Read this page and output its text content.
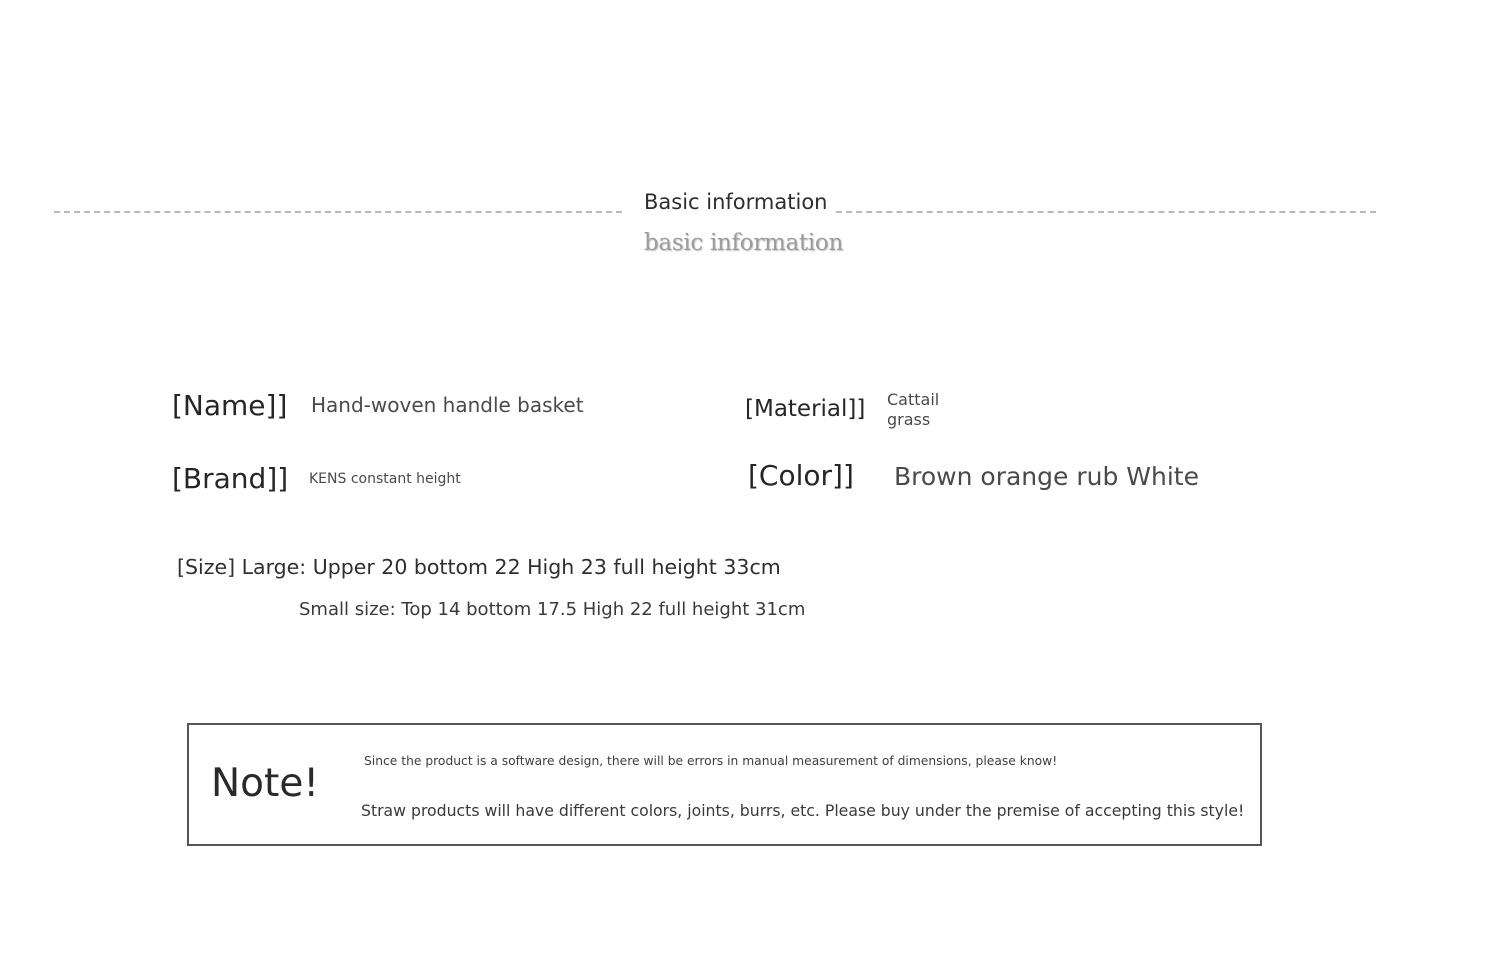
Basic information
basic information
[Name]] Hand-woven handle basket	[Material]] Cattail
grass
[Brand]] KENS constant height	[Color]] Brown orange rub White
[Size] Large: Upper 20 bottom 22 High 23 full height 33cm
Small size: Top 14 bottom 17.5 High 22 full height 31cm
Note!	Since the product is a software design, there will be errors in manual measurement of dimensions, please know!
Straw products will have different colors, joints, burrs, etc. Please buy under the premise of accepting this style!
